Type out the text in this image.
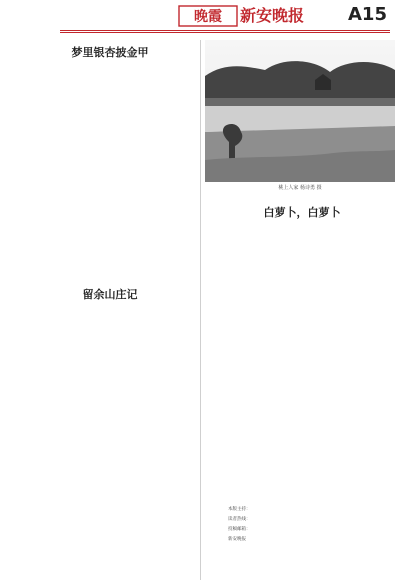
晚霞 新安晚报	A15
梦里银杏披金甲

留余山庄记

桃上人家 杨诗勇 摄
白萝卜，白萝卜

本版主持：
读者热线：
投稿邮箱：
新安晚报
